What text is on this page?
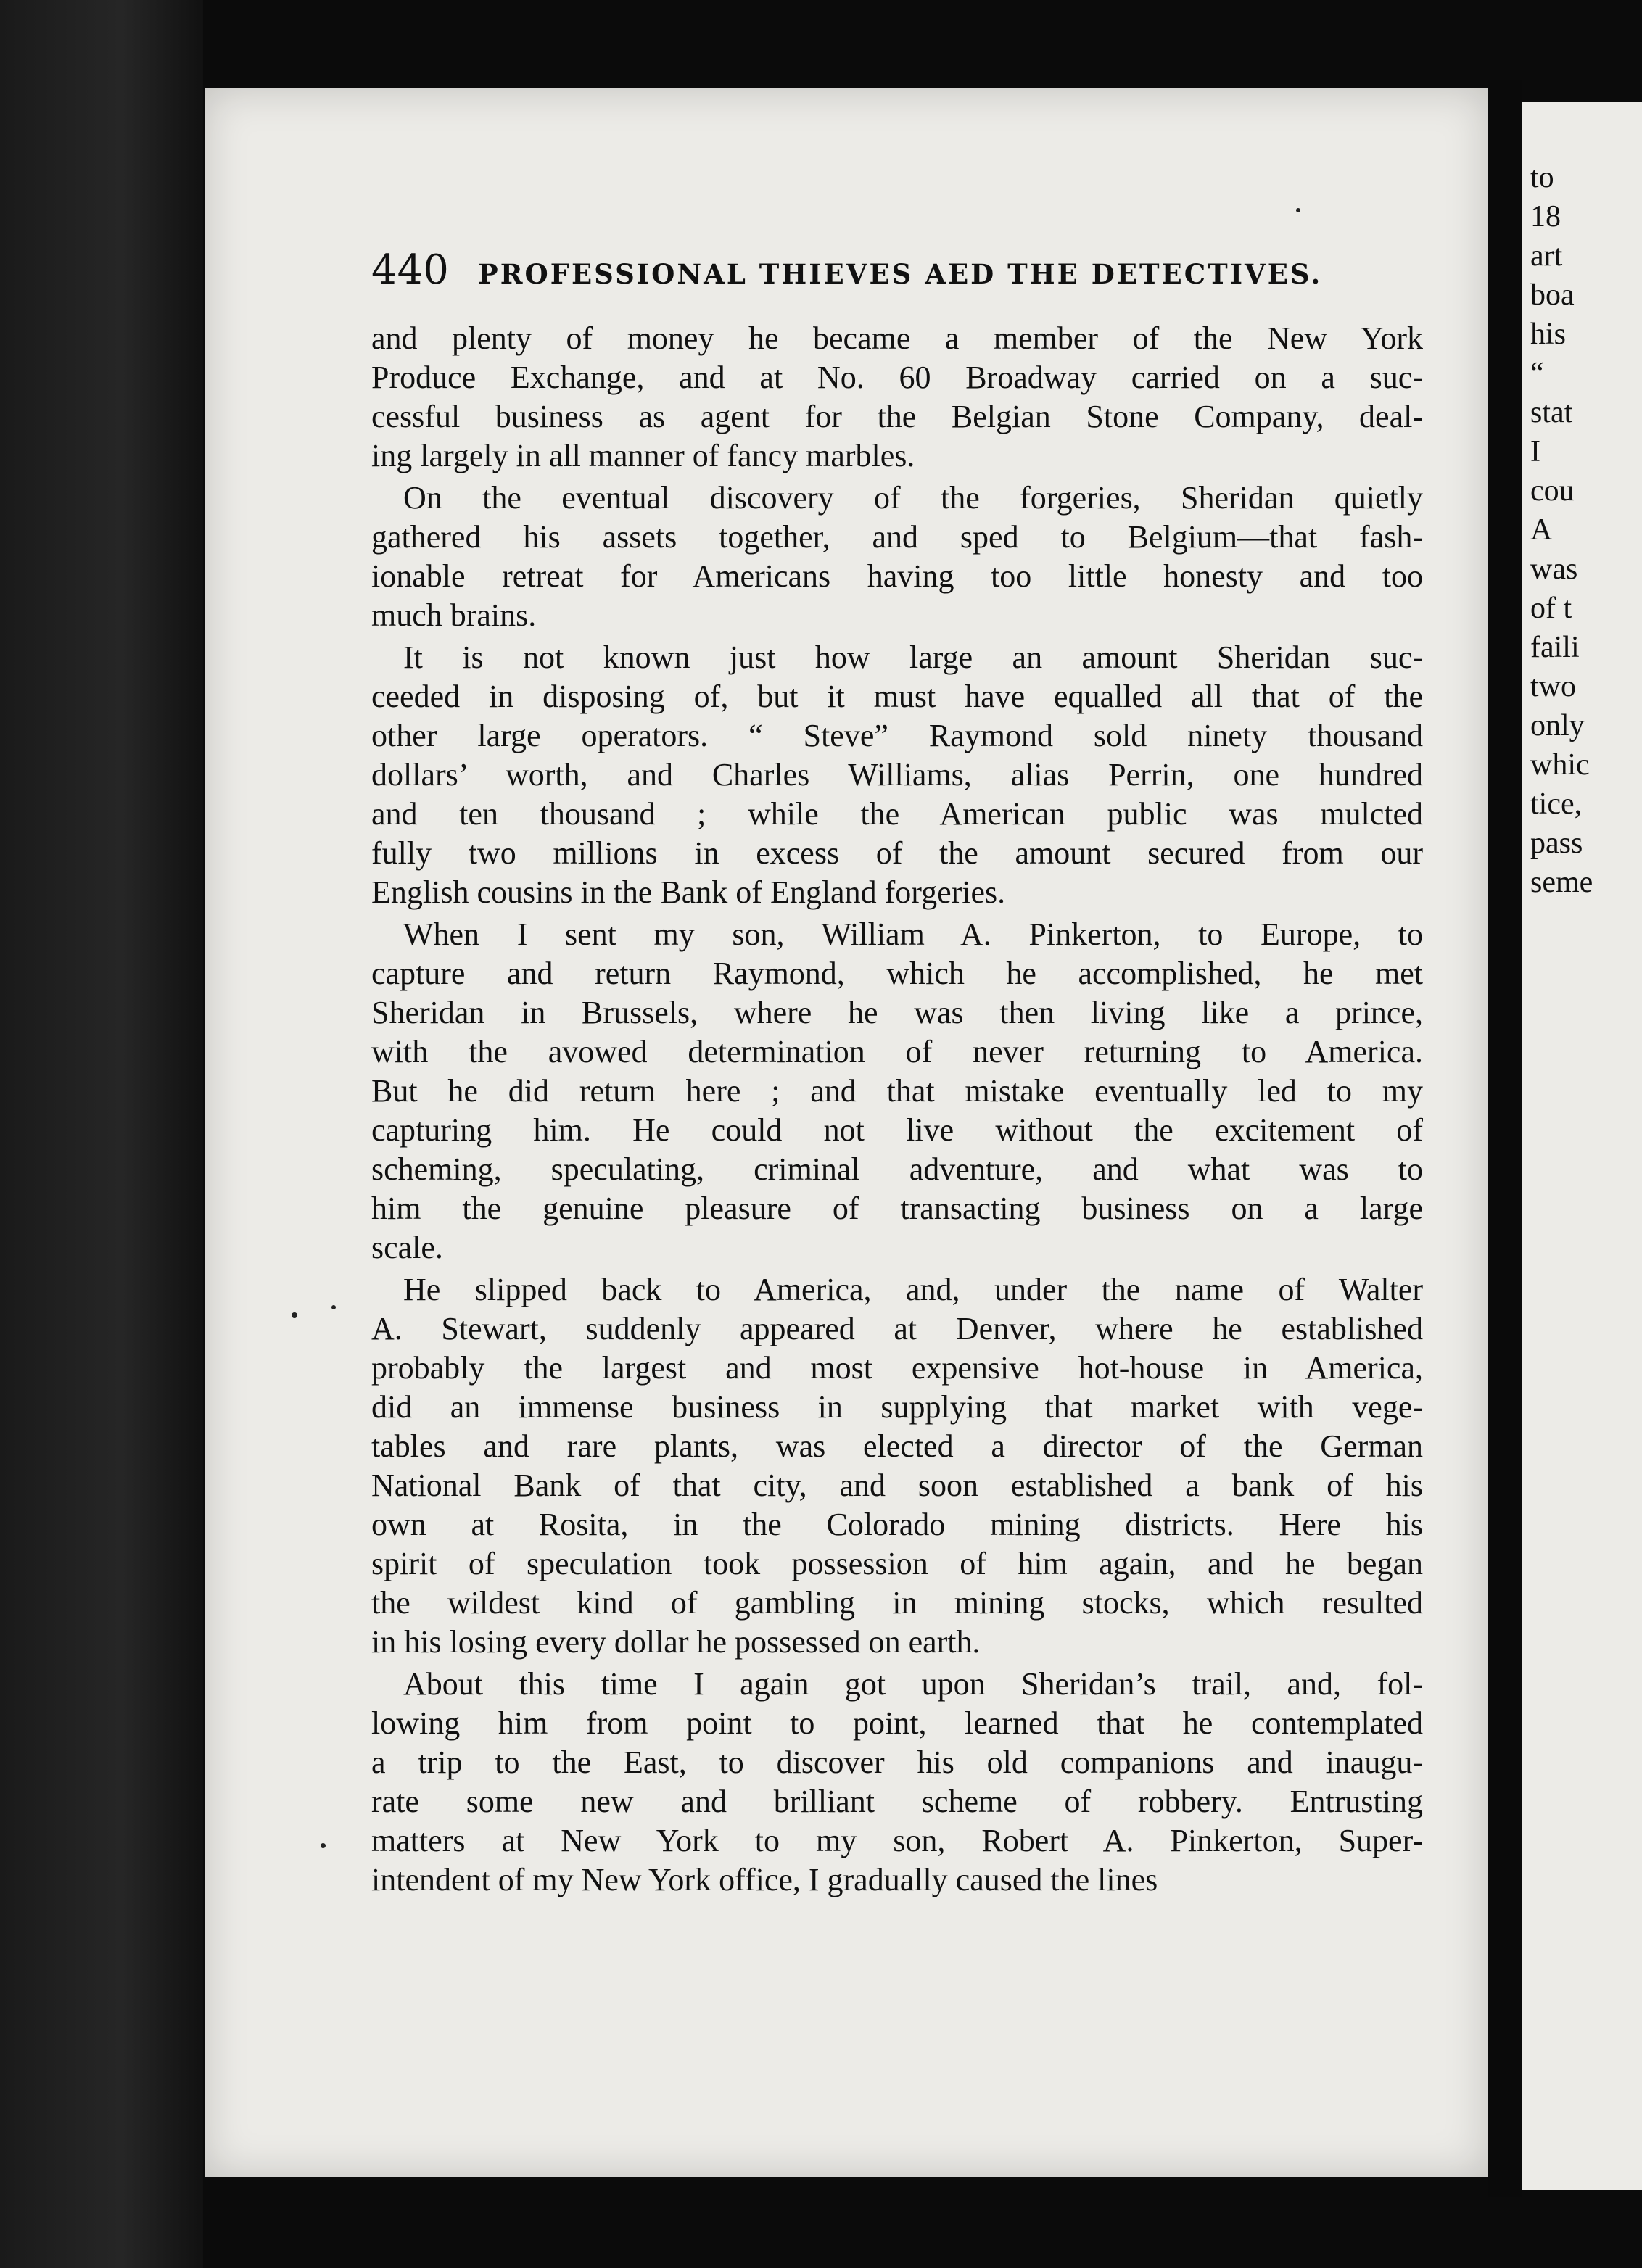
440 PROFESSIONAL THIEVES AED THE DETECTIVES.
and plenty of money he became a member of the New York
Produce Exchange, and at No. 60 Broadway carried on a suc-
cessful business as agent for the Belgian Stone Company, deal-
ing largely in all manner of fancy marbles.
On the eventual discovery of the forgeries, Sheridan quietly
gathered his assets together, and sped to Belgium—that fash-
ionable retreat for Americans having too little honesty and too
much brains.
It is not known just how large an amount Sheridan suc-
ceeded in disposing of, but it must have equalled all that of the
other large operators. “ Steve” Raymond sold ninety thousand
dollars’ worth, and Charles Williams, alias Perrin, one hundred
and ten thousand ; while the American public was mulcted
fully two millions in excess of the amount secured from our
English cousins in the Bank of England forgeries.
When I sent my son, William A. Pinkerton, to Europe, to
capture and return Raymond, which he accomplished, he met
Sheridan in Brussels, where he was then living like a prince,
with the avowed determination of never returning to America.
But he did return here ; and that mistake eventually led to my
capturing him. He could not live without the excitement of
scheming, speculating, criminal adventure, and what was to
him the genuine pleasure of transacting business on a large
scale.
He slipped back to America, and, under the name of Walter
A. Stewart, suddenly appeared at Denver, where he established
probably the largest and most expensive hot-house in America,
did an immense business in supplying that market with vege-
tables and rare plants, was elected a director of the German
National Bank of that city, and soon established a bank of his
own at Rosita, in the Colorado mining districts. Here his
spirit of speculation took possession of him again, and he began
the wildest kind of gambling in mining stocks, which resulted
in his losing every dollar he possessed on earth.
About this time I again got upon Sheridan’s trail, and, fol-
lowing him from point to point, learned that he contemplated
a trip to the East, to discover his old companions and inaugu-
rate some new and brilliant scheme of robbery. Entrusting
matters at New York to my son, Robert A. Pinkerton, Super-
intendent of my New York office, I gradually caused the lines
to
18
art
boa
his
“
stat
I
cou
A
was
of t
faili
two
only
whic
tice,
pass
seme
